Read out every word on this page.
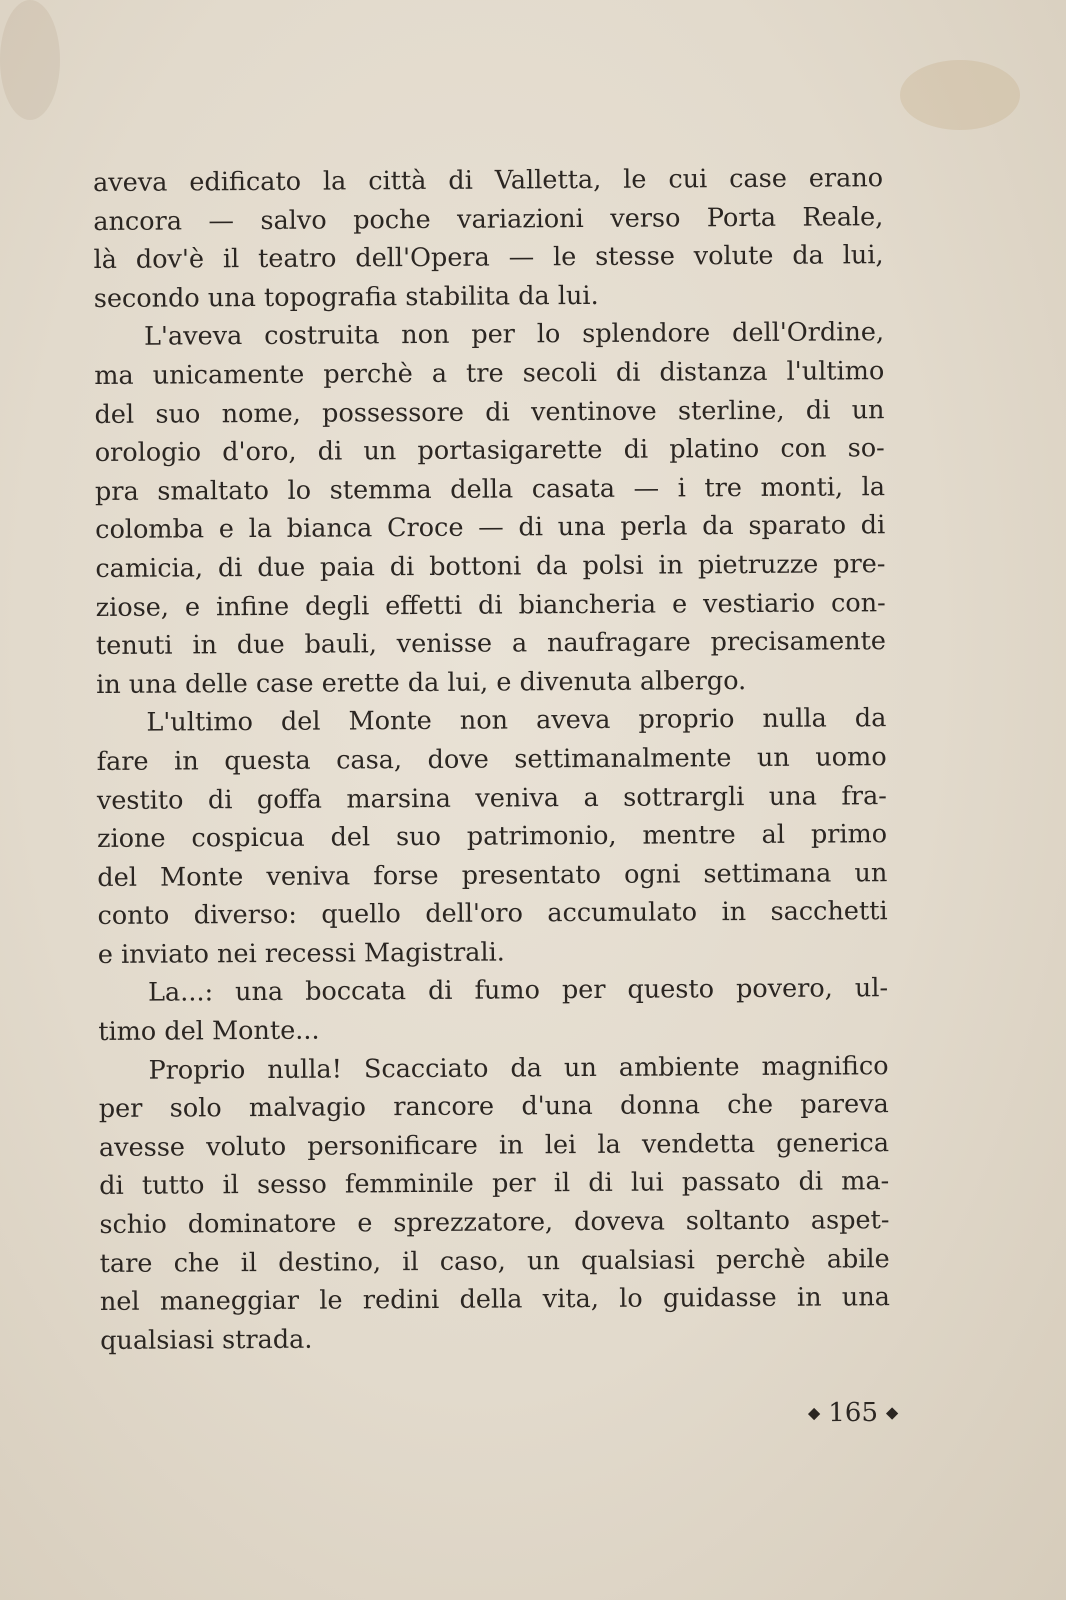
aveva edificato la città di Valletta, le cui case erano
ancora — salvo poche variazioni verso Porta Reale,
là dov'è il teatro dell'Opera — le stesse volute da lui,
secondo una topografia stabilita da lui.
L'aveva costruita non per lo splendore dell'Ordine,
ma unicamente perchè a tre secoli di distanza l'ultimo
del suo nome, possessore di ventinove sterline, di un
orologio d'oro, di un portasigarette di platino con so-
pra smaltato lo stemma della casata — i tre monti, la
colomba e la bianca Croce — di una perla da sparato di
camicia, di due paia di bottoni da polsi in pietruzze pre-
ziose, e infine degli effetti di biancheria e vestiario con-
tenuti in due bauli, venisse a naufragare precisamente
in una delle case erette da lui, e divenuta albergo.
L'ultimo del Monte non aveva proprio nulla da
fare in questa casa, dove settimanalmente un uomo
vestito di goffa marsina veniva a sottrargli una fra-
zione cospicua del suo patrimonio, mentre al primo
del Monte veniva forse presentato ogni settimana un
conto diverso: quello dell'oro accumulato in sacchetti
e inviato nei recessi Magistrali.
La...: una boccata di fumo per questo povero, ul-
timo del Monte...
Proprio nulla! Scacciato da un ambiente magnifico
per solo malvagio rancore d'una donna che pareva
avesse voluto personificare in lei la vendetta generica
di tutto il sesso femminile per il di lui passato di ma-
schio dominatore e sprezzatore, doveva soltanto aspet-
tare che il destino, il caso, un qualsiasi perchè abile
nel maneggiar le redini della vita, lo guidasse in una
qualsiasi strada.
◆ 165 ◆
